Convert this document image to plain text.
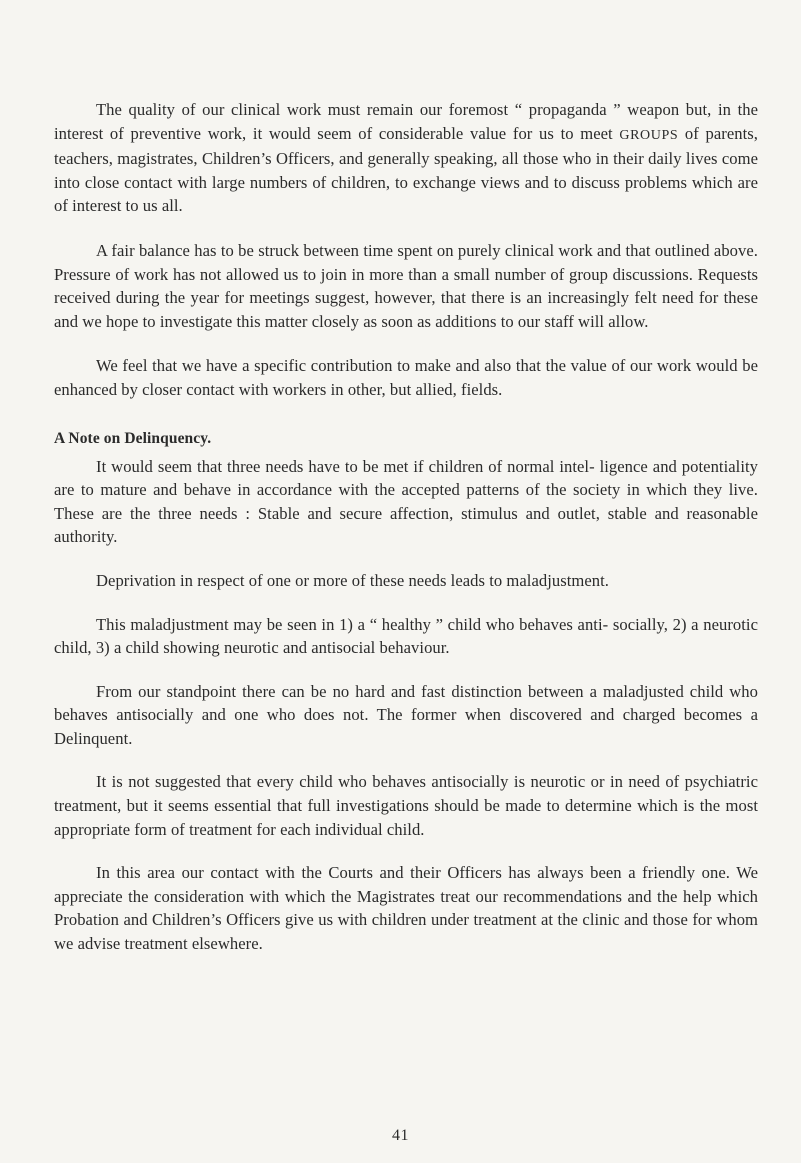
The quality of our clinical work must remain our foremost “ propaganda ” weapon but, in the interest of preventive work, it would seem of considerable value for us to meet GROUPS of parents, teachers, magistrates, Children’s Officers, and generally speaking, all those who in their daily lives come into close contact with large numbers of children, to exchange views and to discuss problems which are of interest to us all.

A fair balance has to be struck between time spent on purely clinical work and that outlined above. Pressure of work has not allowed us to join in more than a small number of group discussions. Requests received during the year for meetings suggest, however, that there is an increasingly felt need for these and we hope to investigate this matter closely as soon as additions to our staff will allow.

We feel that we have a specific contribution to make and also that the value of our work would be enhanced by closer contact with workers in other, but allied, fields.

A Note on Delinquency.

It would seem that three needs have to be met if children of normal intel- ligence and potentiality are to mature and behave in accordance with the accepted patterns of the society in which they live. These are the three needs : Stable and secure affection, stimulus and outlet, stable and reasonable authority.

Deprivation in respect of one or more of these needs leads to maladjustment.

This maladjustment may be seen in 1) a “ healthy ” child who behaves anti- socially, 2) a neurotic child, 3) a child showing neurotic and antisocial behaviour.

From our standpoint there can be no hard and fast distinction between a maladjusted child who behaves antisocially and one who does not. The former when discovered and charged becomes a Delinquent.

It is not suggested that every child who behaves antisocially is neurotic or in need of psychiatric treatment, but it seems essential that full investigations should be made to determine which is the most appropriate form of treatment for each individual child.

In this area our contact with the Courts and their Officers has always been a friendly one. We appreciate the consideration with which the Magistrates treat our recommendations and the help which Probation and Children’s Officers give us with children under treatment at the clinic and those for whom we advise treatment elsewhere.

41
